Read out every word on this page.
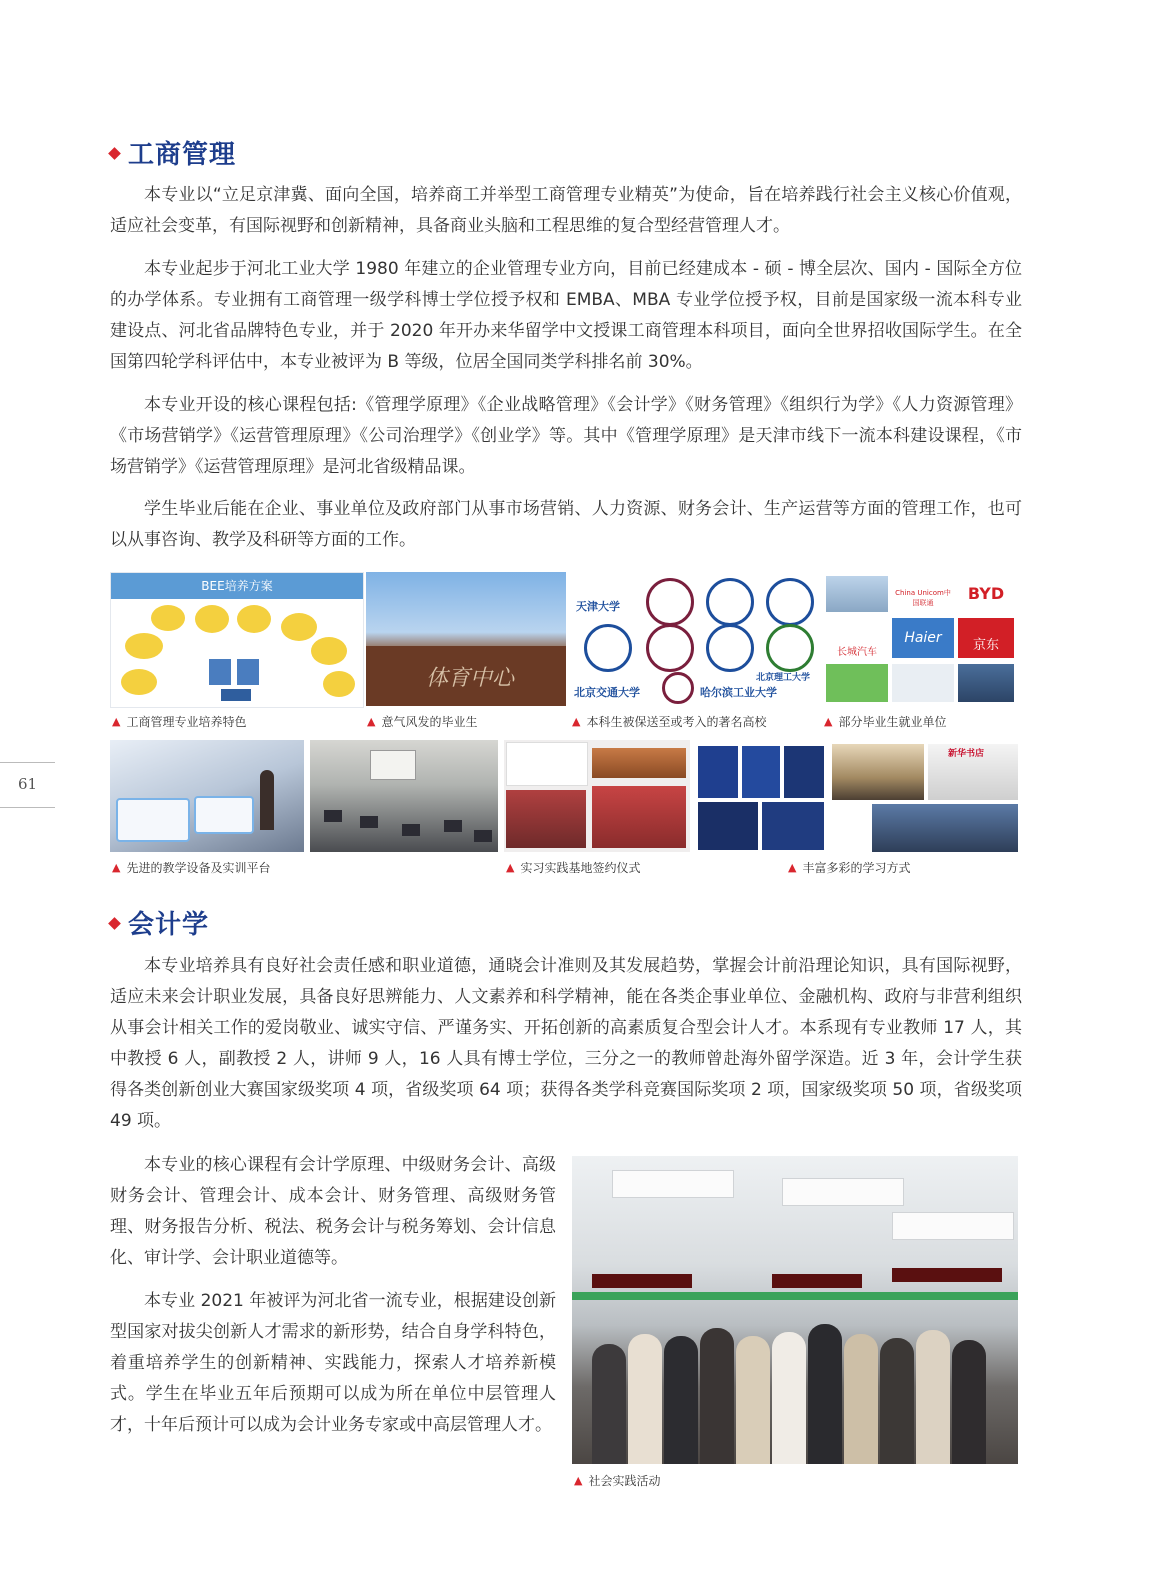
61
工商管理

本专业以“立足京津冀、面向全国，培养商工并举型工商管理专业精英”为使命，旨在培养践行社会主义核心价值观，适应社会变革，有国际视野和创新精神，具备商业头脑和工程思维的复合型经营管理人才。

本专业起步于河北工业大学 1980 年建立的企业管理专业方向，目前已经建成本 - 硕 - 博全层次、国内 - 国际全方位的办学体系。专业拥有工商管理一级学科博士学位授予权和 EMBA、MBA 专业学位授予权，目前是国家级一流本科专业建设点、河北省品牌特色专业，并于 2020 年开办来华留学中文授课工商管理本科项目，面向全世界招收国际学生。在全国第四轮学科评估中，本专业被评为 B 等级，位居全国同类学科排名前 30%。

本专业开设的核心课程包括:《管理学原理》《企业战略管理》《会计学》《财务管理》《组织行为学》《人力资源管理》《市场营销学》《运营管理原理》《公司治理学》《创业学》等。其中《管理学原理》是天津市线下一流本科建设课程，《市场营销学》《运营管理原理》是河北省级精品课。

学生毕业后能在企业、事业单位及政府部门从事市场营销、人力资源、财务会计、生产运营等方面的管理工作，也可以从事咨询、教学及科研等方面的工作。

BEE培养方案
体育中心
天津大学
北京理工大学
北京交通大学	哈尔滨工业大学
China Unicom中国联通	BYD
长城汽车
Haier	京东
▲ 工商管理专业培养特色	▲ 意气风发的毕业生	▲ 本科生被保送至或考入的著名高校	▲ 部分毕业生就业单位
新华书店
▲ 先进的教学设备及实训平台	▲ 实习实践基地签约仪式	▲ 丰富多彩的学习方式
会计学

本专业培养具有良好社会责任感和职业道德，通晓会计准则及其发展趋势，掌握会计前沿理论知识，具有国际视野，适应未来会计职业发展，具备良好思辨能力、人文素养和科学精神，能在各类企事业单位、金融机构、政府与非营利组织从事会计相关工作的爱岗敬业、诚实守信、严谨务实、开拓创新的高素质复合型会计人才。本系现有专业教师 17 人，其中教授 6 人，副教授 2 人，讲师 9 人，16 人具有博士学位，三分之一的教师曾赴海外留学深造。近 3 年，会计学生获得各类创新创业大赛国家级奖项 4 项，省级奖项 64 项；获得各类学科竞赛国际奖项 2 项，国家级奖项 50 项，省级奖项 49 项。

本专业的核心课程有会计学原理、中级财务会计、高级财务会计、管理会计、成本会计、财务管理、高级财务管理、财务报告分析、税法、税务会计与税务筹划、会计信息化、审计学、会计职业道德等。

本专业 2021 年被评为河北省一流专业，根据建设创新型国家对拔尖创新人才需求的新形势，结合自身学科特色，着重培养学生的创新精神、实践能力，探索人才培养新模式。学生在毕业五年后预期可以成为所在单位中层管理人才，十年后预计可以成为会计业务专家或中高层管理人才。

▲ 社会实践活动
